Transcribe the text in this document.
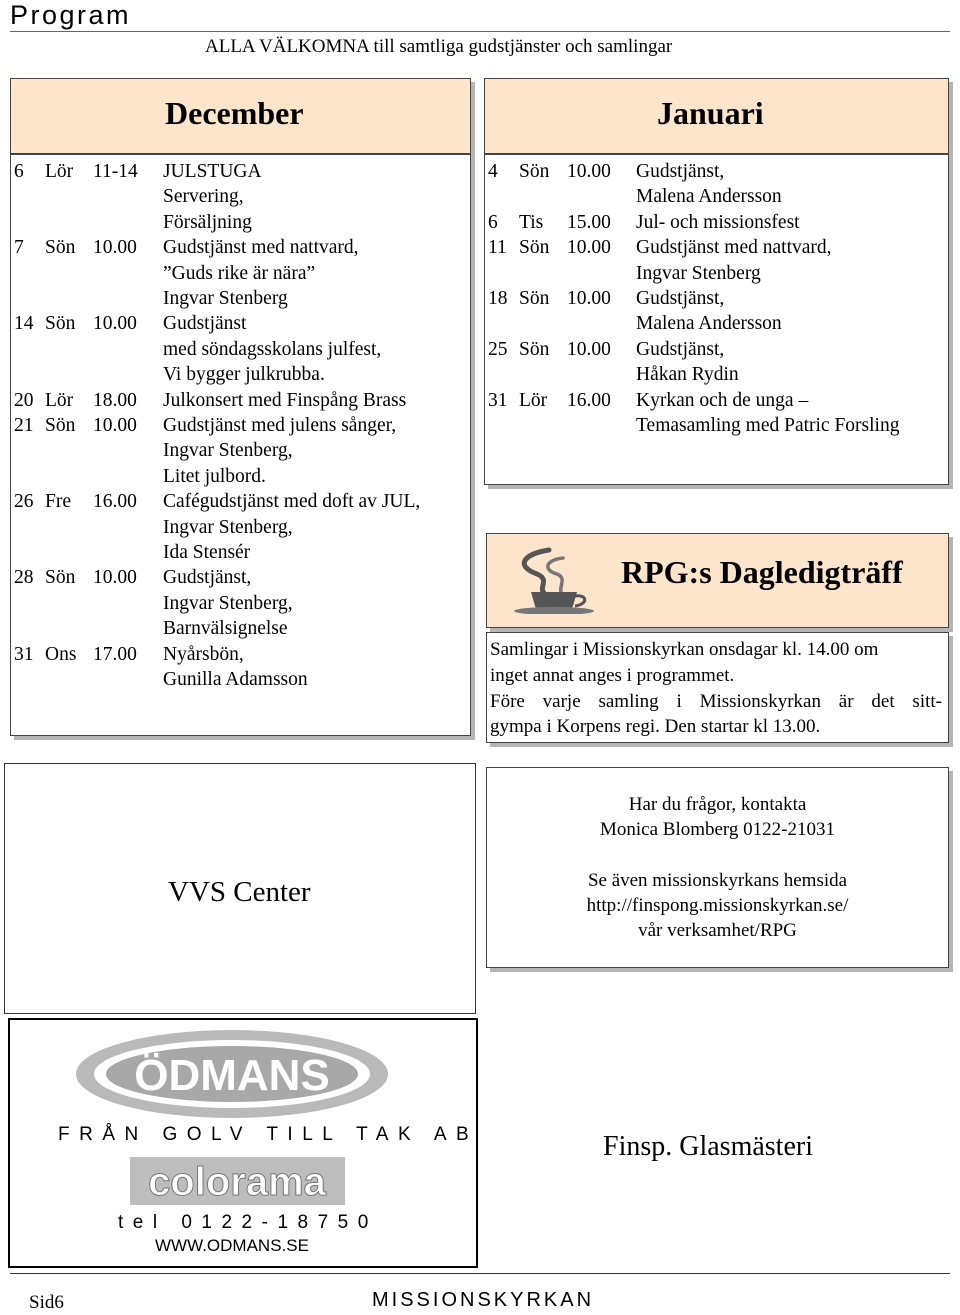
Program
ALLA VÄLKOMNA till samtliga gudstjänster och samlingar
December
6 Lör 11-14 JULSTUGA
Servering,
Försäljning
7 Sön 10.00 Gudstjänst med nattvard,
”Guds rike är nära”
Ingvar Stenberg
14 Sön 10.00 Gudstjänst
med söndagsskolans julfest,
Vi bygger julkrubba.
20 Lör 18.00 Julkonsert med Finspång Brass
21 Sön 10.00 Gudstjänst med julens sånger,
Ingvar Stenberg,
Litet julbord.
26 Fre 16.00 Cafégudstjänst med doft av JUL,
Ingvar Stenberg,
Ida Stensér
28 Sön 10.00 Gudstjänst,
Ingvar Stenberg,
Barnvälsignelse
31 Ons 17.00 Nyårsbön,
Gunilla Adamsson
Januari
4 Sön 10.00 Gudstjänst,
Malena Andersson
6 Tis 15.00 Jul- och missionsfest
11 Sön 10.00 Gudstjänst med nattvard,
Ingvar Stenberg
18 Sön 10.00 Gudstjänst,
Malena Andersson
25 Sön 10.00 Gudstjänst,
Håkan Rydin
31 Lör 16.00 Kyrkan och de unga –
Temasamling med Patric Forsling
RPG:s Dagledigträff
Samlingar i Missionskyrkan onsdagar kl. 14.00 om
inget annat anges i programmet.
Före varje samling i Missionskyrkan är det sitt-
gympa i Korpens regi. Den startar kl 13.00.
Har du frågor, kontakta
Monica Blomberg 0122-21031
Se även missionskyrkans hemsida
http://finspong.missionskyrkan.se/
vår verksamhet/RPG
VVS Center
ÖDMANS
FRÅN GOLV TILL TAK AB
colorama
tel 0122-18750
WWW.ODMANS.SE
Finsp. Glasmästeri
Sid6	MISSIONSKYRKAN
